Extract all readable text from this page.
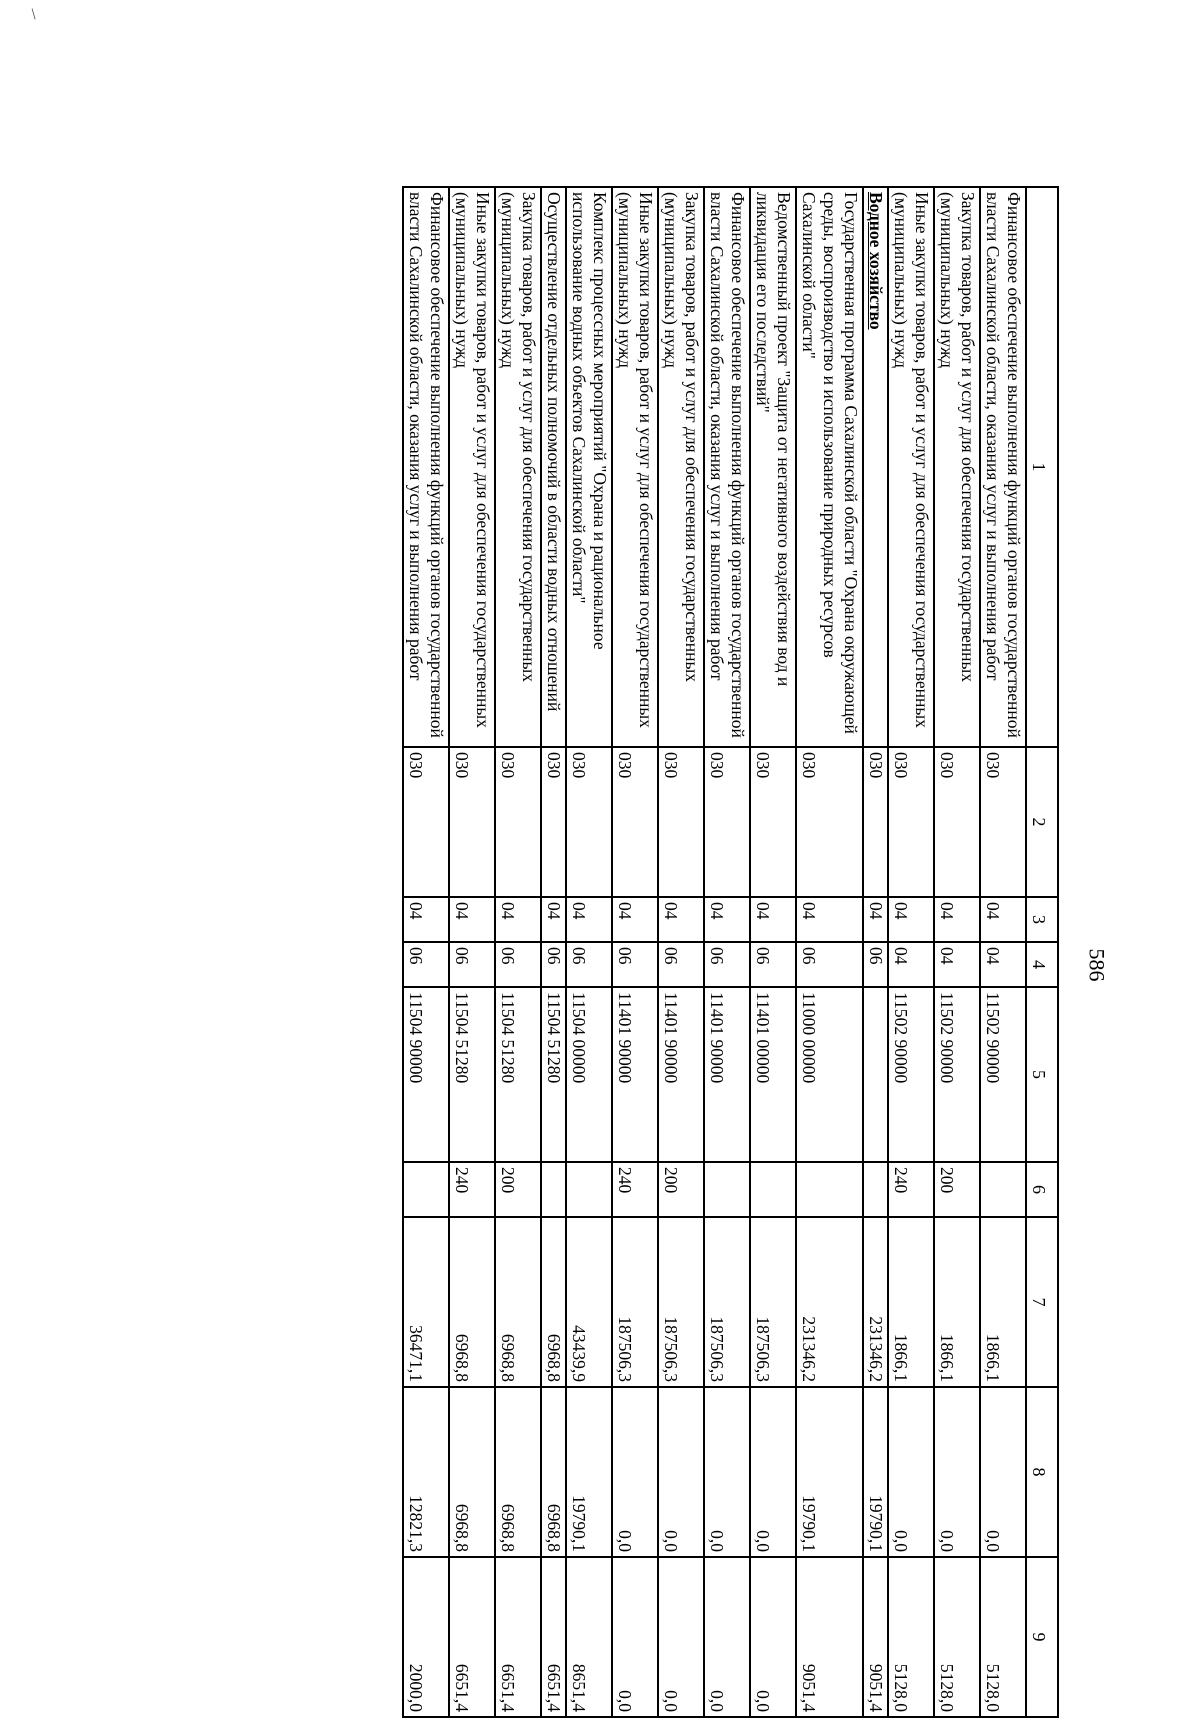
/
586
1	2	3	4	5	6	7	8	9
Финансовое обеспечение выполнения функций органов государственной власти Сахалинской области, оказания услуг и выполнения работ	030	04	04	11502 90000		1866,1	0,0	5128,0
Закупка товаров, работ и услуг для обеспечения государственных (муниципальных) нужд	030	04	04	11502 90000	200	1866,1	0,0	5128,0
Иные закупки товаров, работ и услуг для обеспечения государственных (муниципальных) нужд	030	04	04	11502 90000	240	1866,1	0,0	5128,0
Водное хозяйство	030	04	06			231346,2	19790,1	9051,4
Государственная программа Сахалинской области "Охрана окружающей среды, воспроизводство и использование природных ресурсов Сахалинской области"	030	04	06	11000 00000		231346,2	19790,1	9051,4
Ведомственный проект "Защита от негативного воздействия вод и ликвидация его последствий"	030	04	06	11401 00000		187506,3	0,0	0,0
Финансовое обеспечение выполнения функций органов государственной власти Сахалинской области, оказания услуг и выполнения работ	030	04	06	11401 90000		187506,3	0,0	0,0
Закупка товаров, работ и услуг для обеспечения государственных (муниципальных) нужд	030	04	06	11401 90000	200	187506,3	0,0	0,0
Иные закупки товаров, работ и услуг для обеспечения государственных (муниципальных) нужд	030	04	06	11401 90000	240	187506,3	0,0	0,0
Комплекс процессных мероприятий "Охрана и рациональное использование водных объектов Сахалинской области"	030	04	06	11504 00000		43439,9	19790,1	8651,4
Осуществление отдельных полномочий в области водных отношений	030	04	06	11504 51280		6968,8	6968,8	6651,4
Закупка товаров, работ и услуг для обеспечения государственных (муниципальных) нужд	030	04	06	11504 51280	200	6968,8	6968,8	6651,4
Иные закупки товаров, работ и услуг для обеспечения государственных (муниципальных) нужд	030	04	06	11504 51280	240	6968,8	6968,8	6651,4
Финансовое обеспечение выполнения функций органов государственной власти Сахалинской области, оказания услуг и выполнения работ	030	04	06	11504 90000		36471,1	12821,3	2000,0
